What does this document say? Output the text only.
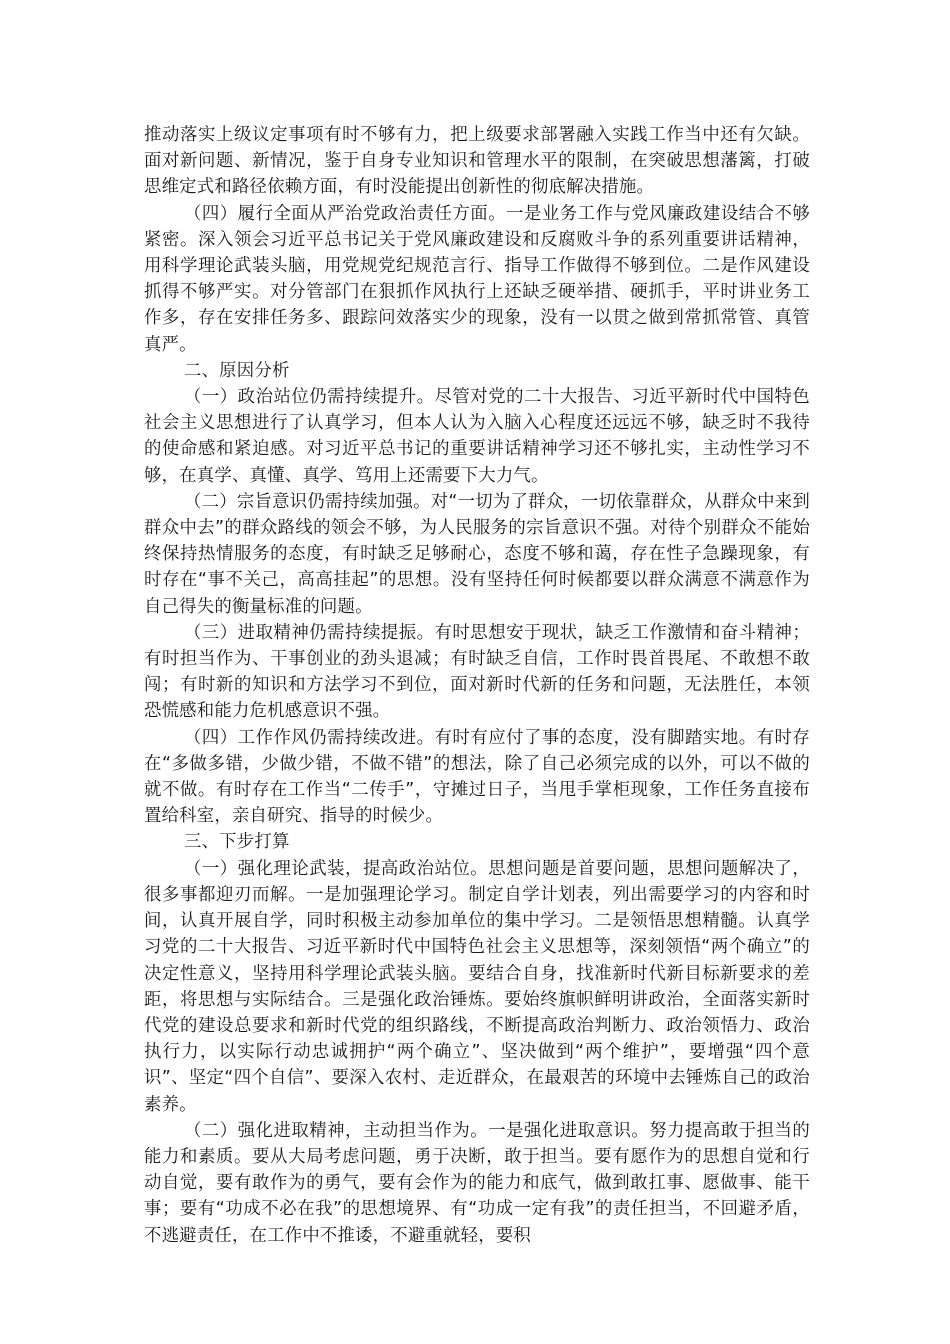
推动落实上级议定事项有时不够有力，把上级要求部署融入实践工作当中还有欠缺。面对新问题、新情况，鉴于自身专业知识和管理水平的限制，在突破思想藩篱，打破思维定式和路径依赖方面，有时没能提出创新性的彻底解决措施。

（四）履行全面从严治党政治责任方面。一是业务工作与党风廉政建设结合不够紧密。深入领会习近平总书记关于党风廉政建设和反腐败斗争的系列重要讲话精神，用科学理论武装头脑，用党规党纪规范言行、指导工作做得不够到位。二是作风建设抓得不够严实。对分管部门在狠抓作风执行上还缺乏硬举措、硬抓手，平时讲业务工作多，存在安排任务多、跟踪问效落实少的现象，没有一以贯之做到常抓常管、真管真严。

二、原因分析

（一）政治站位仍需持续提升。尽管对党的二十大报告、习近平新时代中国特色社会主义思想进行了认真学习，但本人认为入脑入心程度还远远不够，缺乏时不我待的使命感和紧迫感。对习近平总书记的重要讲话精神学习还不够扎实，主动性学习不够，在真学、真懂、真学、笃用上还需要下大力气。

（二）宗旨意识仍需持续加强。对“一切为了群众，一切依靠群众，从群众中来到群众中去”的群众路线的领会不够，为人民服务的宗旨意识不强。对待个别群众不能始终保持热情服务的态度，有时缺乏足够耐心，态度不够和蔼，存在性子急躁现象，有时存在“事不关己，高高挂起”的思想。没有坚持任何时候都要以群众满意不满意作为自己得失的衡量标准的问题。

（三）进取精神仍需持续提振。有时思想安于现状，缺乏工作激情和奋斗精神；有时担当作为、干事创业的劲头退减；有时缺乏自信，工作时畏首畏尾、不敢想不敢闯；有时新的知识和方法学习不到位，面对新时代新的任务和问题，无法胜任，本领恐慌感和能力危机感意识不强。

（四）工作作风仍需持续改进。有时有应付了事的态度，没有脚踏实地。有时存在“多做多错，少做少错，不做不错”的想法，除了自己必须完成的以外，可以不做的就不做。有时存在工作当“二传手”，守摊过日子，当甩手掌柜现象，工作任务直接布置给科室，亲自研究、指导的时候少。

三、下步打算

（一）强化理论武装，提高政治站位。思想问题是首要问题，思想问题解决了，很多事都迎刃而解。一是加强理论学习。制定自学计划表，列出需要学习的内容和时间，认真开展自学，同时积极主动参加单位的集中学习。二是领悟思想精髓。认真学习党的二十大报告、习近平新时代中国特色社会主义思想等，深刻领悟“两个确立”的决定性意义，坚持用科学理论武装头脑。要结合自身，找准新时代新目标新要求的差距，将思想与实际结合。三是强化政治锤炼。要始终旗帜鲜明讲政治，全面落实新时代党的建设总要求和新时代党的组织路线，不断提高政治判断力、政治领悟力、政治执行力，以实际行动忠诚拥护“两个确立”、坚决做到“两个维护”，要增强“四个意识”、坚定“四个自信”、要深入农村、走近群众，在最艰苦的环境中去锤炼自己的政治素养。

（二）强化进取精神，主动担当作为。一是强化进取意识。努力提高敢于担当的能力和素质。要从大局考虑问题，勇于决断，敢于担当。要有愿作为的思想自觉和行动自觉，要有敢作为的勇气，要有会作为的能力和底气，做到敢扛事、愿做事、能干事；要有“功成不必在我”的思想境界、有“功成一定有我”的责任担当，不回避矛盾，不逃避责任，在工作中不推诿，不避重就轻，要积
